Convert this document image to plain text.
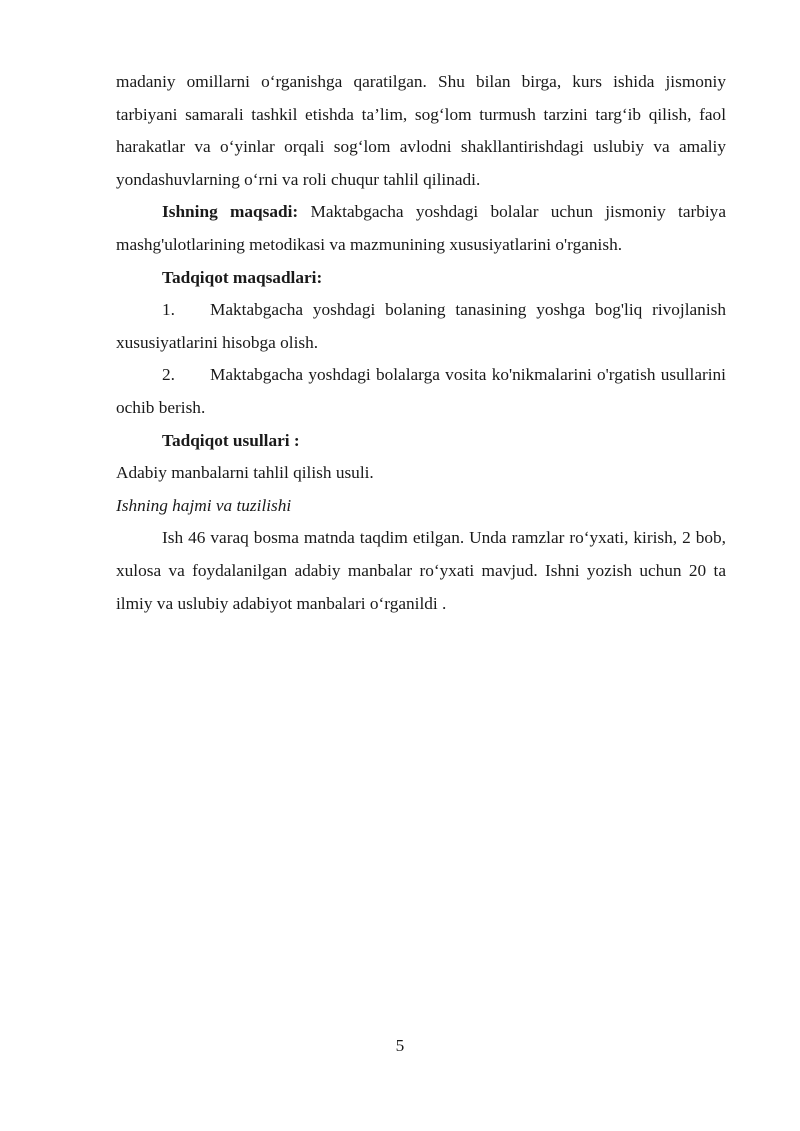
madaniy omillarni o‘rganishga qaratilgan. Shu bilan birga, kurs ishida jismoniy tarbiyani samarali tashkil etishda ta’lim, sog‘lom turmush tarzini targ‘ib qilish, faol harakatlar va o‘yinlar orqali sog‘lom avlodni shakllantirishdagi uslubiy va amaliy yondashuvlarning o‘rni va roli chuqur tahlil qilinadi.

Ishning maqsadi: Maktabgacha yoshdagi bolalar uchun jismoniy tarbiya mashg'ulotlarining metodikasi va mazmunining xususiyatlarini o'rganish.

Tadqiqot maqsadlari:

1. Maktabgacha yoshdagi bolaning tanasining yoshga bog'liq rivojlanish xususiyatlarini hisobga olish.

2. Maktabgacha yoshdagi bolalarga vosita ko'nikmalarini o'rgatish usullarini ochib berish.

Tadqiqot usullari :

Adabiy manbalarni tahlil qilish usuli.

Ishning hajmi va tuzilishi

Ish 46 varaq bosma matnda taqdim etilgan. Unda ramzlar ro‘yxati, kirish, 2 bob, xulosa va foydalanilgan adabiy manbalar ro‘yxati mavjud. Ishni yozish uchun 20 ta ilmiy va uslubiy adabiyot manbalari o‘rganildi .

5
